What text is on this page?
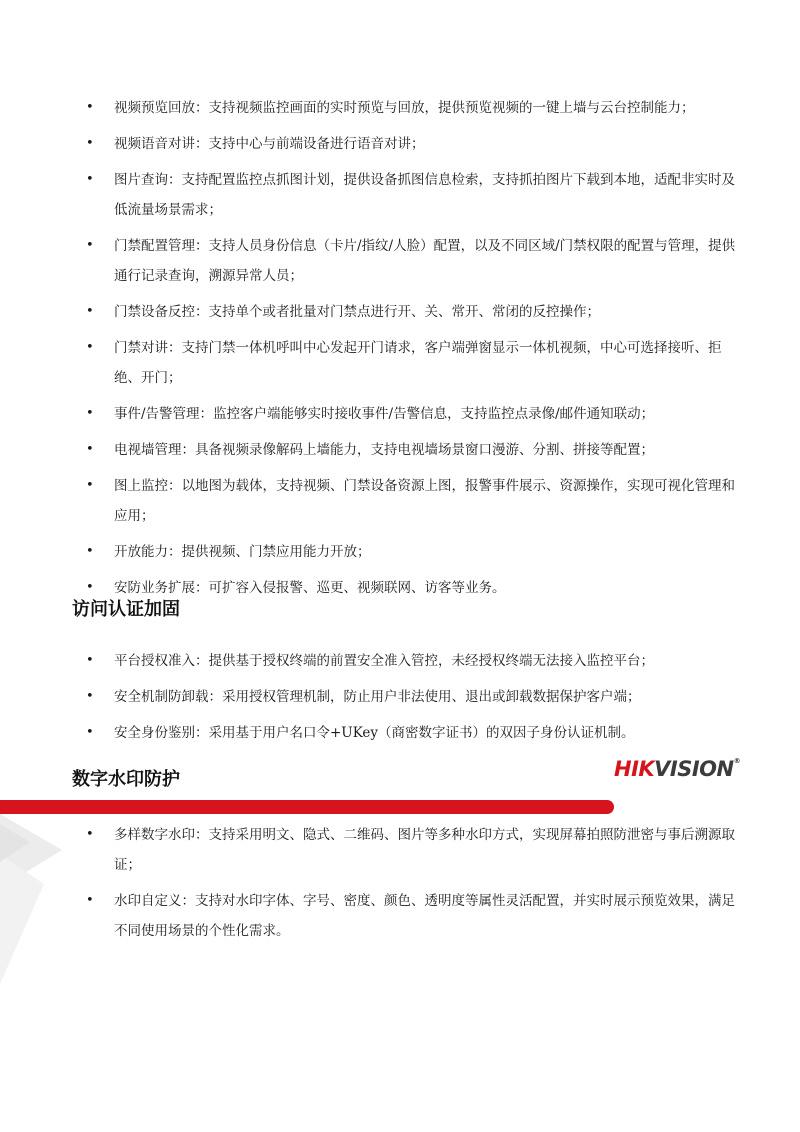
• 视频预览回放：支持视频监控画面的实时预览与回放，提供预览视频的一键上墙与云台控制能力；
• 视频语音对讲：支持中心与前端设备进行语音对讲；
• 图片查询：支持配置监控点抓图计划，提供设备抓图信息检索，支持抓拍图片下载到本地，适配非实时及低流量场景需求；
• 门禁配置管理：支持人员身份信息（卡片/指纹/人脸）配置，以及不同区域/门禁权限的配置与管理，提供通行记录查询，溯源异常人员；
• 门禁设备反控：支持单个或者批量对门禁点进行开、关、常开、常闭的反控操作；
• 门禁对讲：支持门禁一体机呼叫中心发起开门请求，客户端弹窗显示一体机视频，中心可选择接听、拒绝、开门；
• 事件/告警管理：监控客户端能够实时接收事件/告警信息，支持监控点录像/邮件通知联动；
• 电视墙管理：具备视频录像解码上墙能力，支持电视墙场景窗口漫游、分割、拼接等配置；
• 图上监控：以地图为载体，支持视频、门禁设备资源上图，报警事件展示、资源操作，实现可视化管理和应用；
• 开放能力：提供视频、门禁应用能力开放；
• 安防业务扩展：可扩容入侵报警、巡更、视频联网、访客等业务。
访问认证加固
• 平台授权准入：提供基于授权终端的前置安全准入管控，未经授权终端无法接入监控平台；
• 安全机制防卸载：采用授权管理机制，防止用户非法使用、退出或卸载数据保护客户端；
• 安全身份鉴别：采用基于用户名口令+UKey（商密数字证书）的双因子身份认证机制。
数字水印防护	HIKVISION®
• 多样数字水印：支持采用明文、隐式、二维码、图片等多种水印方式，实现屏幕拍照防泄密与事后溯源取证；
• 水印自定义：支持对水印字体、字号、密度、颜色、透明度等属性灵活配置，并实时展示预览效果，满足不同使用场景的个性化需求。
